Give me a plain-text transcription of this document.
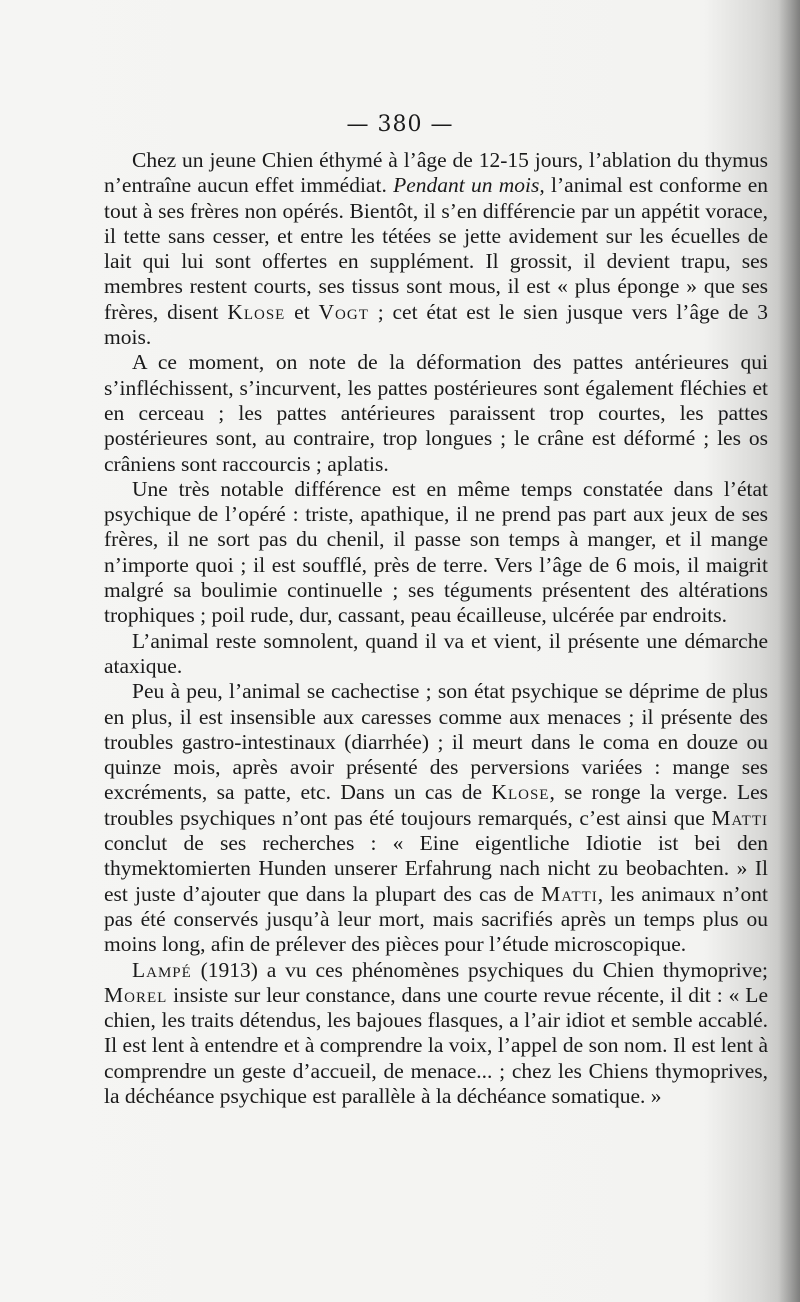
— 380 —

Chez un jeune Chien éthymé à l’âge de 12-15 jours, l’ablation du thymus n’entraîne aucun effet immédiat. Pendant un mois, l’animal est conforme en tout à ses frères non opérés. Bientôt, il s’en différencie par un appétit vorace, il tette sans cesser, et entre les tétées se jette avidement sur les écuelles de lait qui lui sont offertes en supplément. Il grossit, il devient trapu, ses membres restent courts, ses tissus sont mous, il est « plus éponge » que ses frères, disent Klose et Vogt ; cet état est le sien jusque vers l’âge de 3 mois.

A ce moment, on note de la déformation des pattes antérieures qui s’infléchissent, s’incurvent, les pattes postérieures sont également fléchies et en cerceau ; les pattes antérieures paraissent trop courtes, les pattes postérieures sont, au contraire, trop longues ; le crâne est déformé ; les os crâniens sont raccourcis ; aplatis.

Une très notable différence est en même temps constatée dans l’état psychique de l’opéré : triste, apathique, il ne prend pas part aux jeux de ses frères, il ne sort pas du chenil, il passe son temps à manger, et il mange n’importe quoi ; il est soufflé, près de terre. Vers l’âge de 6 mois, il maigrit malgré sa boulimie continuelle ; ses téguments présentent des altérations trophiques ; poil rude, dur, cassant, peau écailleuse, ulcérée par endroits.

L’animal reste somnolent, quand il va et vient, il présente une démarche ataxique.

Peu à peu, l’animal se cachectise ; son état psychique se déprime de plus en plus, il est insensible aux caresses comme aux menaces ; il présente des troubles gastro-intestinaux (diarrhée) ; il meurt dans le coma en douze ou quinze mois, après avoir présenté des perversions variées : mange ses excréments, sa patte, etc. Dans un cas de Klose, se ronge la verge. Les troubles psychiques n’ont pas été toujours remarqués, c’est ainsi que Matti conclut de ses recherches : « Eine eigentliche Idiotie ist bei den thymektomierten Hunden unserer Erfahrung nach nicht zu beobachten. » Il est juste d’ajouter que dans la plupart des cas de Matti, les animaux n’ont pas été conservés jusqu’à leur mort, mais sacrifiés après un temps plus ou moins long, afin de prélever des pièces pour l’étude microscopique.

Lampé (1913) a vu ces phénomènes psychiques du Chien thymoprive; Morel insiste sur leur constance, dans une courte revue récente, il dit : « Le chien, les traits détendus, les bajoues flasques, a l’air idiot et semble accablé. Il est lent à entendre et à comprendre la voix, l’appel de son nom. Il est lent à comprendre un geste d’accueil, de menace... ; chez les Chiens thymoprives, la déchéance psychique est parallèle à la déchéance somatique. »
